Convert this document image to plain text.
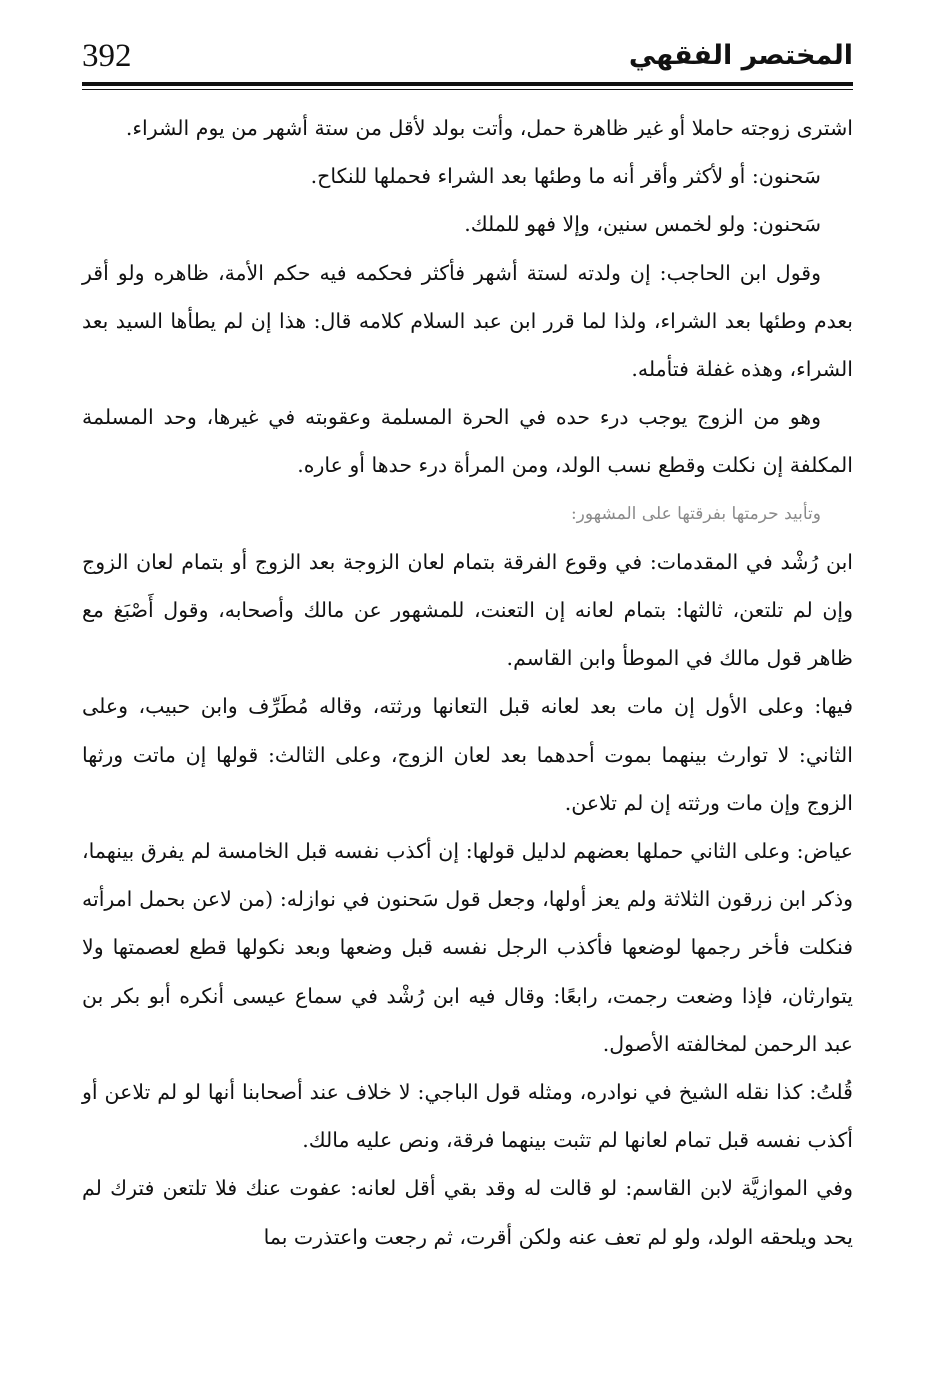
392	المختصر الفقهي

اشترى زوجته حاملا أو غير ظاهرة حمل، وأتت بولد لأقل من ستة أشهر من يوم الشراء.

سَحنون: أو لأكثر وأقر أنه ما وطئها بعد الشراء فحملها للنكاح.

سَحنون: ولو لخمس سنين، وإلا فهو للملك.

وقول ابن الحاجب: إن ولدته لستة أشهر فأكثر فحكمه فيه حكم الأمة، ظاهره ولو أقر بعدم وطئها بعد الشراء، ولذا لما قرر ابن عبد السلام كلامه قال: هذا إن لم يطأها السيد بعد الشراء، وهذه غفلة فتأمله.

وهو من الزوج يوجب درء حده في الحرة المسلمة وعقوبته في غيرها، وحد المسلمة المكلفة إن نكلت وقطع نسب الولد، ومن المرأة درء حدها أو عاره.

وتأبيد حرمتها بفرقتها على المشهور:

ابن رُشْد في المقدمات: في وقوع الفرقة بتمام لعان الزوجة بعد الزوج أو بتمام لعان الزوج وإن لم تلتعن، ثالثها: بتمام لعانه إن التعنت، للمشهور عن مالك وأصحابه، وقول أَصْبَغ مع ظاهر قول مالك في الموطأ وابن القاسم.

فيها: وعلى الأول إن مات بعد لعانه قبل التعانها ورثته، وقاله مُطَرِّف وابن حبيب، وعلى الثاني: لا توارث بينهما بموت أحدهما بعد لعان الزوج، وعلى الثالث: قولها إن ماتت ورثها الزوج وإن مات ورثته إن لم تلاعن.

عياض: وعلى الثاني حملها بعضهم لدليل قولها: إن أكذب نفسه قبل الخامسة لم يفرق بينهما، وذكر ابن زرقون الثلاثة ولم يعز أولها، وجعل قول سَحنون في نوازله: (من لاعن بحمل امرأته فنكلت فأخر رجمها لوضعها فأكذب الرجل نفسه قبل وضعها وبعد نكولها قطع لعصمتها ولا يتوارثان، فإذا وضعت رجمت، رابعًا: وقال فيه ابن رُشْد في سماع عيسى أنكره أبو بكر بن عبد الرحمن لمخالفته الأصول.

قُلتُ: كذا نقله الشيخ في نوادره، ومثله قول الباجي: لا خلاف عند أصحابنا أنها لو لم تلاعن أو أكذب نفسه قبل تمام لعانها لم تثبت بينهما فرقة، ونص عليه مالك.

وفي الموازيَّة لابن القاسم: لو قالت له وقد بقي أقل لعانه: عفوت عنك فلا تلتعن فترك لم يحد ويلحقه الولد، ولو لم تعف عنه ولكن أقرت، ثم رجعت واعتذرت بما
